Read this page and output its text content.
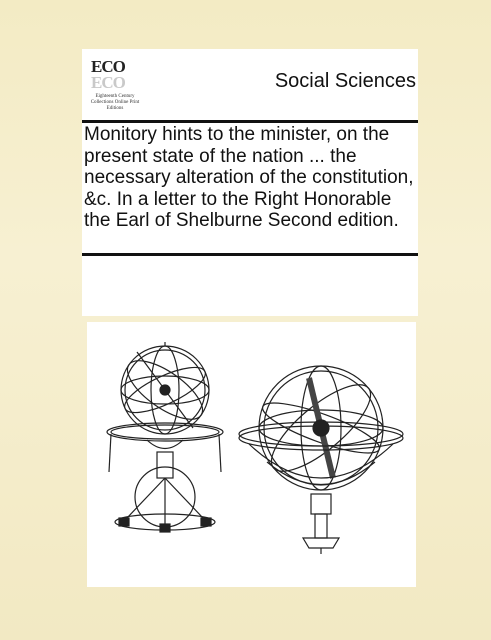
ECO
ECO
Eighteenth Century Collections Online Print Editions
Social Sciences
Monitory hints to the minister, on the present state of the nation ... the necessary alteration of the constitution, &c. In a letter to the Right Honorable the Earl of Shelburne Second edition.
